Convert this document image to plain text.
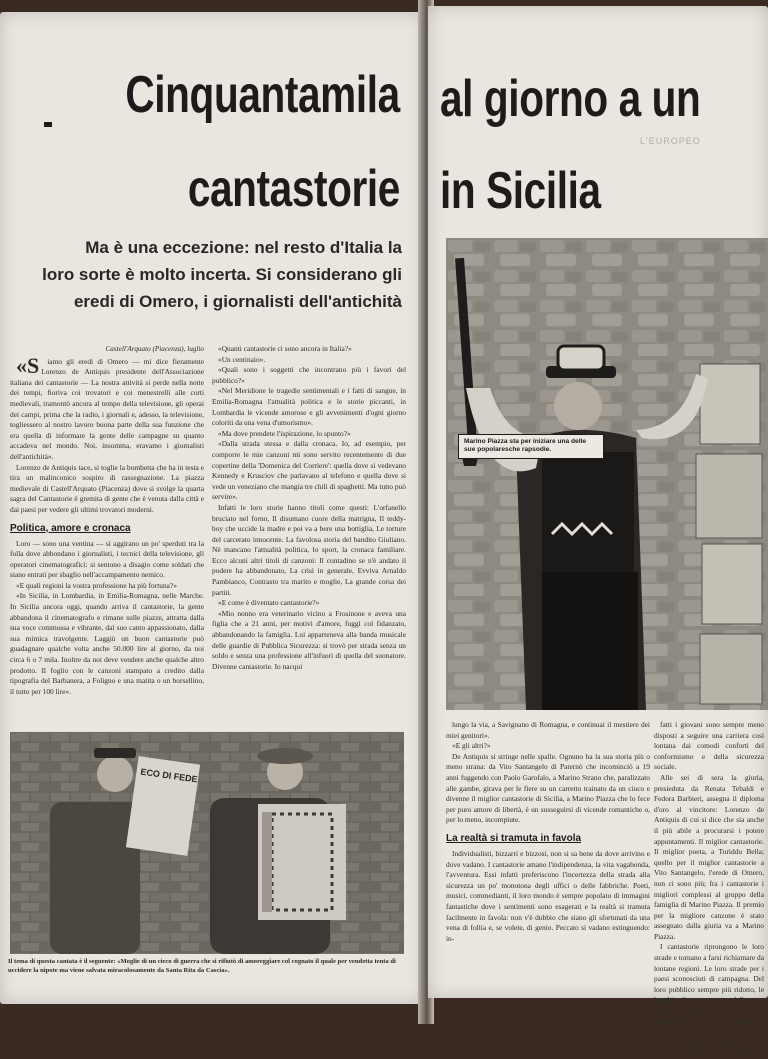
Cinquantamila
cantastorie
Ma è una eccezione: nel resto d'Italia la
loro sorte è molto incerta. Si considerano gli
eredi di Omero, i giornalisti dell'antichità

Castell'Arquato (Piacenza), luglio

«S iamo gli eredi di Omero — mi dice fieramente Lorenzo de Antiquis presidente dell'Associazione italiana dei cantastorie — La nostra attività si perde nella notte dei tempi, fioriva coi trovatori e coi menestrelli alle corti medievali, tramontò ancora al tempo della televisione, gli operai dei campi, prima che la radio, i giornali e, adesso, la televisione, togliessero al nostro lavoro buona parte della sua funzione che era quella di informare la gente delle campagne su quanto accadeva nel mondo. Noi, insomma, eravamo i giornalisti dell'antichità».

Lorenzo de Antiquis tace, si toglie la bombetta che ha in testa e tira un malinconico sospiro di rassegnazione. La piazza medievale di Castell'Arquato (Piacenza) dove si svolge la quarta sagra del Cantastorie è gremita di gente che è venuta dalla città e dai paesi per vedere gli ultimi trovatori moderni.

Politica, amore e cronaca

Loro — sono una ventina — si aggirano un po' sperduti tra la folla dove abbondano i giornalisti, i tecnici della televisione, gli operatori cinematografici: si sentono a disagio come soldati che siano entrati per sbaglio nell'accampamento nemico.

«E quali regioni la vostra professione ha più fortuna?»

«In Sicilia, in Lombardia, in Emilia-Romagna, nelle Marche. In Sicilia ancora oggi, quando arriva il cantastorie, la gente abbandona il cinematografo e rimane sulle piazze, attratta dalla sua voce commossa e vibrante, dal suo canto appassionato, dalla sua mimica travolgente. Laggiù un buon cantastorie può guadagnare qualche volta anche 50.000 lire al giorno, da noi circa 6 o 7 mila. Inoltre da noi deve vendere anche qualche altro prodotto. Il foglio con le canzoni stampato a credito dalla tipografia del Barbanera, a Foligno e una matita o un borsellino, il tutto per 100 lire».

«Quanti cantastorie ci sono ancora in Italia?»

«Un centinaio».

«Quali sono i soggetti che incontrano più i favori del pubblico?»

«Nel Meridione le tragedie sentimentali e i fatti di sangue, in Emilia-Romagna l'attualità politica e le storie piccanti, in Lombardia le vicende amorose e gli avvenimenti d'ogni giorno coloriti da una vena d'umorismo».

«Ma dove prendete l'ispirazione, lo spunto?»

«Dalla strada stessa e dalla cronaca. Io, ad esempio, per comporre le mie canzoni mi sono servito recentemente di due copertine della 'Domenica del Corriere': quella dove si vedevano Kennedy e Krusciov che parlavano al telefono e quella dove si vede un veneziano che mangia tre chili di spaghetti. Ma tutto può servire».

Infatti le loro storie hanno titoli come questi: L'orfanello bruciato nel forno, Il disumano cuore della matrigna, Il teddy-boy che uccide la madre e poi va a bere una bottiglia, Le torture del carcerato innocente. La favolosa storia del bandito Giuliano. Nè mancano l'attualità politica, lo sport, la cronaca familiare. Ecco alcuni altri titoli di canzoni: Il contadino se n'è andato il podere ha abbandonato, La crisi in generale, Evviva Arnaldo Pambianco, Contrasto tra marito e moglie, La grande corsa dei partiti.

«E come è diventato cantastorie?»

«Mio nonno era veterinario vicino a Frosinone e aveva una figlia che a 21 anni, per motivi d'amore, fuggì col fidanzato, abbandonando la famiglia. Lui apparteneva alla banda musicale delle guardie di Pubblica Sicurezza: si trovò per strada senza un soldo e senza una professione all'infuori di quella del suonatore. Divenne cantastorie. Io nacqui

ECO DI FEDE
Il tema di questa cantata è il seguente: «Moglie di un cieco di guerra che si rifiutò di amoreggiare col cognato il quale per vendetta tenta di uccidere la nipote ma viene salvata miracolosamente da Santa Rita da Cascia».
al giorno a un
L'EUROPEO
in Sicilia
Marino Piazza sta per iniziare una delle sue popolaresche rapsodie.

lungo la via, a Savignano di Romagna, e continuai il mestiere dei miei genitori».

«E gli altri?»

De Antiquis si stringe nelle spalle. Ognuno ha la sua storia più o meno strana: da Vito Santangelo di Paternò che incominciò a 19 anni fuggendo con Paolo Garofalo, a Marino Strano che, paralizzato alle gambe, girava per le fiere su un carretto trainato da un ciuco e divenne il miglior cantastorie di Sicilia, a Marino Piazza che lo fece per puro amore di libertà, è un susseguirsi di vicende romantiche o, per lo meno, incompiute.

La realtà si tramuta in favola

Individualisti, bizzarri e bizzosi, non si sa bene da dove arrivino e dove vadano. I cantastorie amano l'indipendenza, la vita vagabonda, l'avventura. Essi infatti preferiscono l'incertezza della strada alla sicurezza un po' monotona degli uffici o delle fabbriche. Poeti, musici, commedianti, il loro mondo è sempre popolato di immagini fantastiche dove i sentimenti sono esagerati e la realtà si tramuta facilmente in favola: non v'è dubbio che siano gli sfortunati da una vena di follia e, se volete, di genio. Peccato si vadano estinguendo: in-

fatti i giovani sono sempre meno disposti a seguire una carriera così lontana dai comodi conforti del conformismo e della sicurezza sociale.

Alle sei di sera la giuria, presieduta da Renata Tebaldi e Fedora Barbieri, assegna il diploma d'oro al vincitore: Lorenzo de Antiquis di cui si dice che sia anche il più abile a procurarsi i potere appuntamenti. Il miglior cantastorie. Il miglior poeta, a Turiddu Bella; quello per il miglior cantastorie a Vito Santangelo, l'erede di Omero, non ci sono più; fra i cantastorie i migliori complessi al gruppo della famiglia di Marino Piazza. Il premio per la migliore canzone è stato assegnato dalla giuria va a Marino Piazza.

I cantastorie riprongono le loro strade e tornano a farsi richiamare da lontane regioni. Le loro strade per i paesi sconosciuti di campagna. Del loro pubblico sempre più ridotto, le borghi di campagna, della sua cordiale natura. Se ne vanno rapidamente in sua campagna, al bambino ai venditori di panini, ai bambini dai vicoli eterni per le fiere, in attesa di un altro giorno dopo.
